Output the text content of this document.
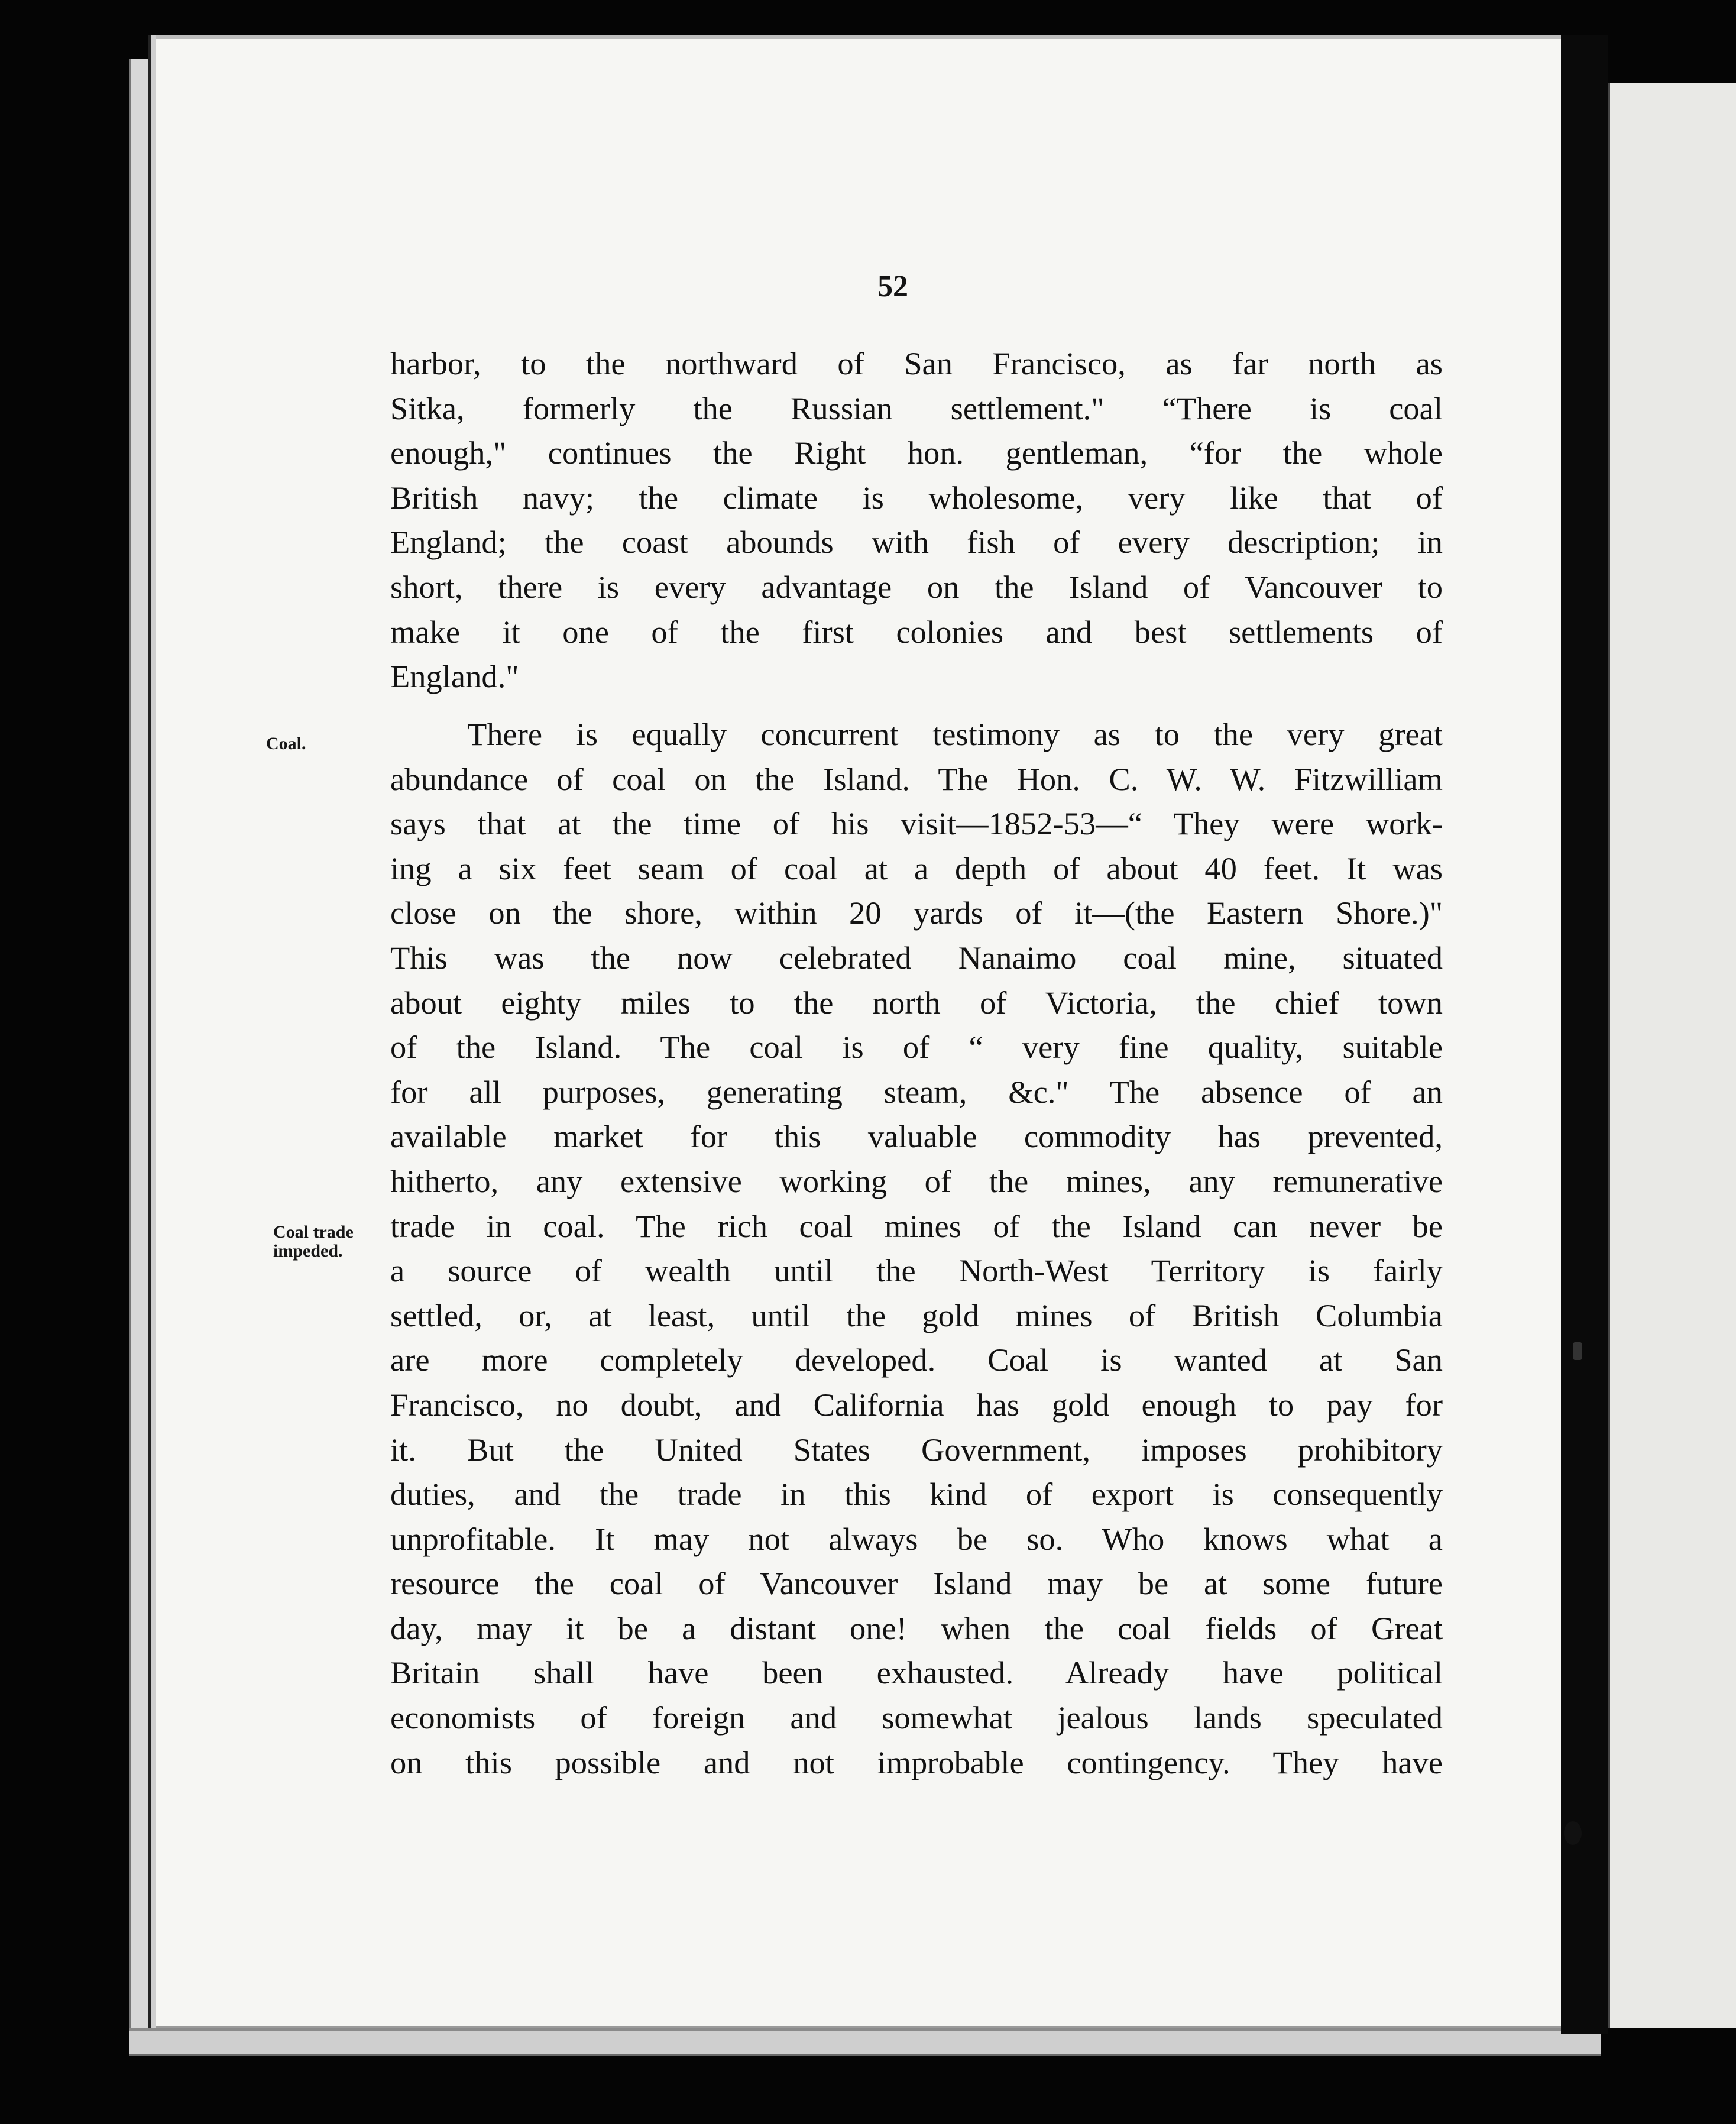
52
Coal.
Coal trade
impeded.
harbor, to the northward of San Francisco, as far north as
Sitka, formerly the Russian settlement." “There is coal
enough," continues the Right hon. gentleman, “for the whole
British navy; the climate is wholesome, very like that of
England; the coast abounds with fish of every description; in
short, there is every advantage on the Island of Vancouver to
make it one of the first colonies and best settlements of
England."
There is equally concurrent testimony as to the very great
abundance of coal on the Island. The Hon. C. W. W. Fitzwilliam
says that at the time of his visit—1852-53—“ They were work-
ing a six feet seam of coal at a depth of about 40 feet. It was
close on the shore, within 20 yards of it—(the Eastern Shore.)"
This was the now celebrated Nanaimo coal mine, situated
about eighty miles to the north of Victoria, the chief town
of the Island. The coal is of “ very fine quality, suitable
for all purposes, generating steam, &c." The absence of an
available market for this valuable commodity has prevented,
hitherto, any extensive working of the mines, any remunerative
trade in coal. The rich coal mines of the Island can never be
a source of wealth until the North-West Territory is fairly
settled, or, at least, until the gold mines of British Columbia
are more completely developed. Coal is wanted at San
Francisco, no doubt, and California has gold enough to pay for
it. But the United States Government, imposes prohibitory
duties, and the trade in this kind of export is consequently
unprofitable. It may not always be so. Who knows what a
resource the coal of Vancouver Island may be at some future
day, may it be a distant one! when the coal fields of Great
Britain shall have been exhausted. Already have political
economists of foreign and somewhat jealous lands speculated
on this possible and not improbable contingency. They have
